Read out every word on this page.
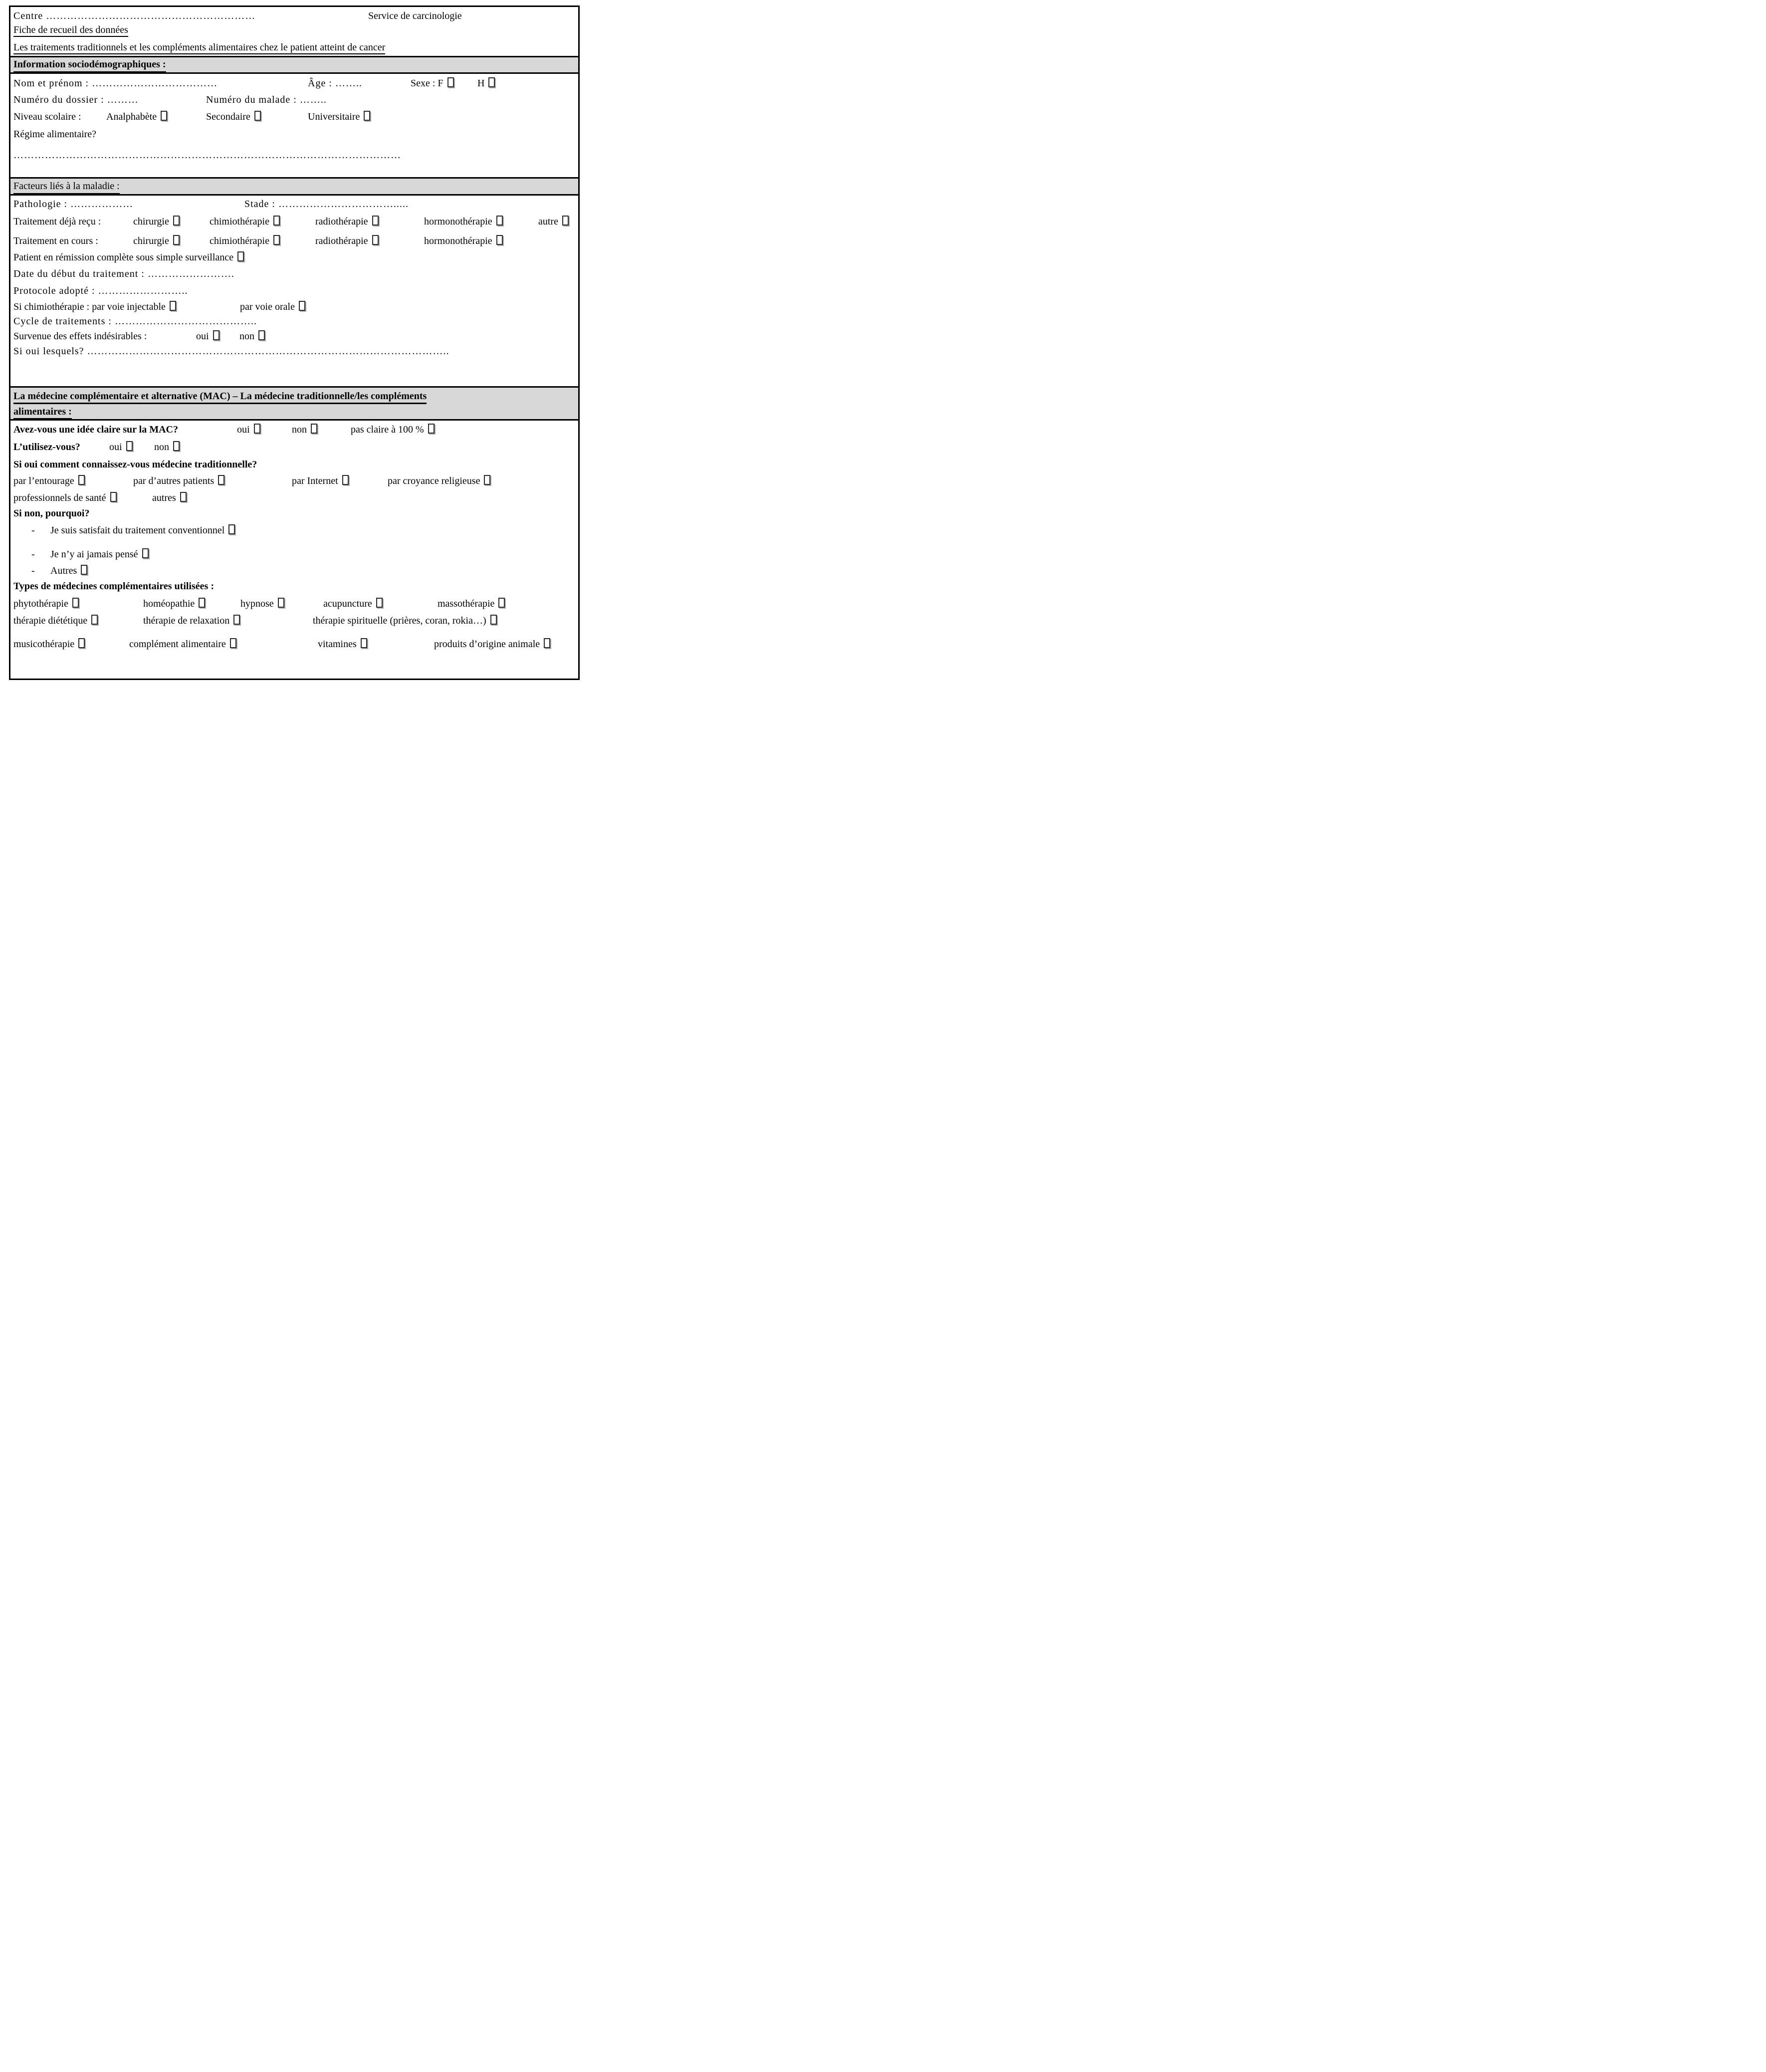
Centre ……………………………………………………	Service de carcinologie
Fiche de recueil des données
Les traitements traditionnels et les compléments alimentaires chez le patient atteint de cancer
Information sociodémographiques :
Nom et prénom : ………………………………	Âge : ……..	Sexe : F	H
Numéro du dossier : ………	Numéro du malade : ……..
Niveau scolaire :	Analphabète	Secondaire	Universitaire
Régime alimentaire?
…………………………………………………………………………………………………
Facteurs liés à la maladie :
Pathologie : ………………	Stade : …………………………….....
Traitement déjà reçu :	chirurgie	chimiothérapie	radiothérapie	hormonothérapie	autre
Traitement en cours :	chirurgie	chimiothérapie	radiothérapie	hormonothérapie
Patient en rémission complète sous simple surveillance
Date du début du traitement : …………………….
Protocole adopté : ……………………..
Si chimiothérapie : par voie injectable	par voie orale
Cycle de traitements : …………………………………..
Survenue des effets indésirables :	oui	non
Si oui lesquels? …………………………………………………………………………………………..
La médecine complémentaire et alternative (MAC) – La médecine traditionnelle/les compléments
alimentaires :
Avez-vous une idée claire sur la MAC?	oui	non	pas claire à 100 %
L’utilisez-vous?	oui	non
Si oui comment connaissez-vous médecine traditionnelle?
par l’entourage	par d’autres patients	par Internet	par croyance religieuse
professionnels de santé	autres
Si non, pourquoi?
- Je suis satisfait du traitement conventionnel
- Je n’y ai jamais pensé
- Autres
Types de médecines complémentaires utilisées :
phytothérapie	homéopathie	hypnose	acupuncture	massothérapie
thérapie diététique	thérapie de relaxation	thérapie spirituelle (prières, coran, rokia…)
musicothérapie	complément alimentaire	vitamines	produits d’origine animale
